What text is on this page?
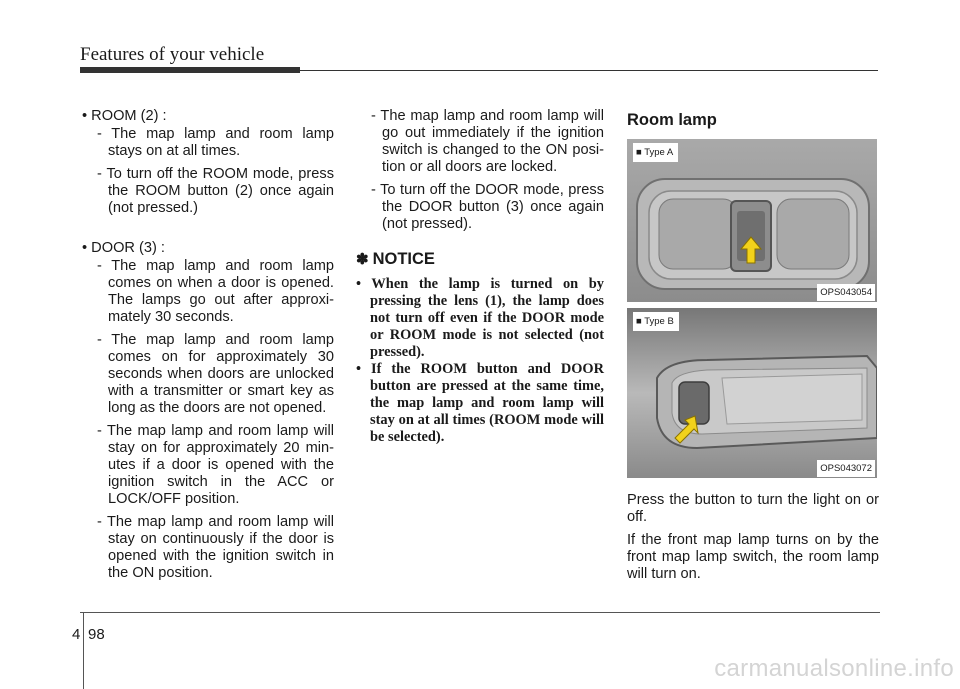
Features of your vehicle
• ROOM (2) :

- The map lamp and room lamp stays on at all times.

- To turn off the ROOM mode, press the ROOM button (2) once again (not pressed.)

• DOOR (3) :

- The map lamp and room lamp comes on when a door is opened. The lamps go out after approxi-mately 30 seconds.

- The map lamp and room lamp comes on for approximately 30 seconds when doors are unlocked with a transmitter or smart key as long as the doors are not opened.

- The map lamp and room lamp will stay on for approximately 20 min-utes if a door is opened with the ignition switch in the ACC or LOCK/OFF position.

- The map lamp and room lamp will stay on continuously if the door is opened with the ignition switch in the ON position.

- The map lamp and room lamp will go out immediately if the ignition switch is changed to the ON posi-tion or all doors are locked.

- To turn off the DOOR mode, press the DOOR button (3) once again (not pressed).

✽ NOTICE

• When the lamp is turned on by pressing the lens (1), the lamp does not turn off even if the DOOR mode or ROOM mode is not selected (not pressed).

• If the ROOM button and DOOR button are pressed at the same time, the map lamp and room lamp will stay on at all times (ROOM mode will be selected).

Room lamp
■ Type A
OPS043054
■ Type B
OPS043072

Press the button to turn the light on or off.

If the front map lamp turns on by the front map lamp switch, the room lamp will turn on.

4 98
carmanualsonline.info
